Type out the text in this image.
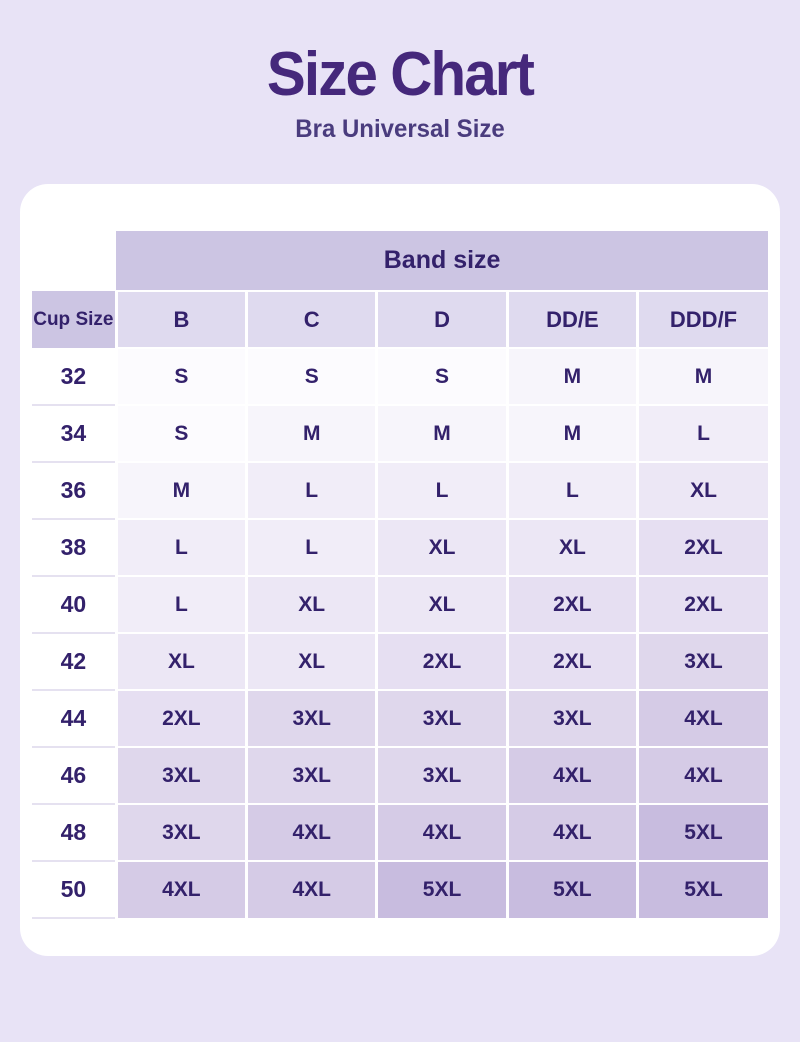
Size Chart
Bra Universal Size
	Band size				
Cup Size	B	C	D	DD/E	DDD/F
32	S	S	S	M	M
34	S	M	M	M	L
36	M	L	L	L	XL
38	L	L	XL	XL	2XL
40	L	XL	XL	2XL	2XL
42	XL	XL	2XL	2XL	3XL
44	2XL	3XL	3XL	3XL	4XL
46	3XL	3XL	3XL	4XL	4XL
48	3XL	4XL	4XL	4XL	5XL
50	4XL	4XL	5XL	5XL	5XL
